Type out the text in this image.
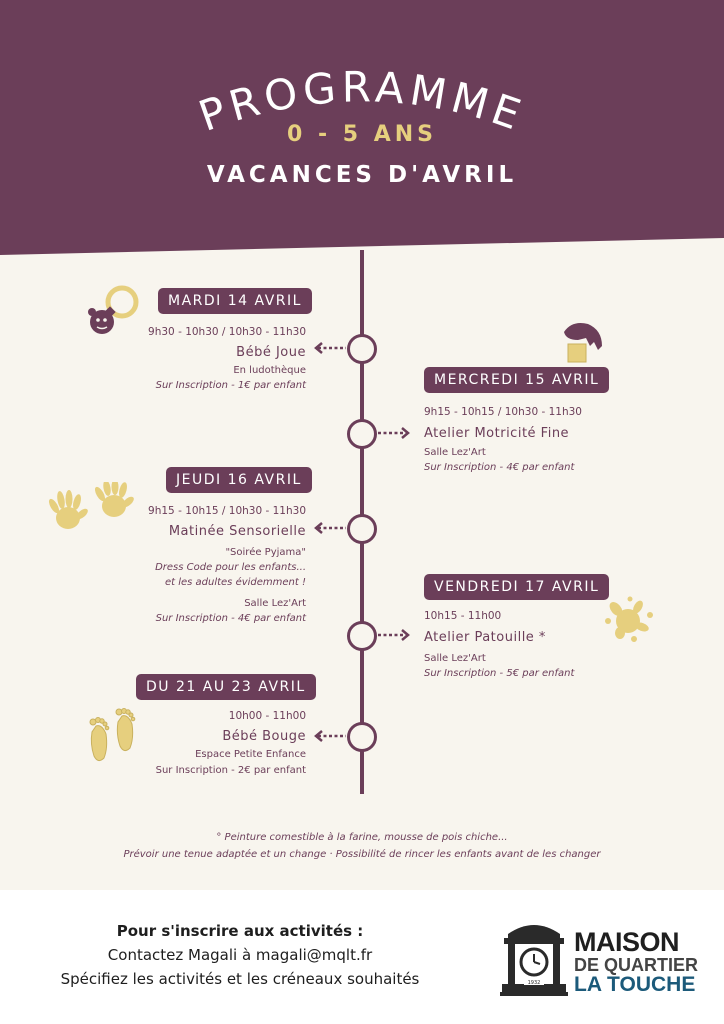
PROGRAMME
0 - 5 ANS
VACANCES D'AVRIL
MARDI 14 AVRIL
9h30 - 10h30 / 10h30 - 11h30
Bébé Joue
En ludothèque
Sur Inscription - 1€ par enfant	MERCREDI 15 AVRIL
9h15 - 10h15 / 10h30 - 11h30
Atelier Motricité Fine
Salle Lez'Art
Sur Inscription - 4€ par enfant
JEUDI 16 AVRIL
9h15 - 10h15 / 10h30 - 11h30
Matinée Sensorielle
"Soirée Pyjama"
Dress Code pour les enfants...
et les adultes évidemment !
Salle Lez'Art
Sur Inscription - 4€ par enfant
VENDREDI 17 AVRIL
10h15 - 11h00
Atelier Patouille *
Salle Lez'Art
Sur Inscription - 5€ par enfant
DU 21 AU 23 AVRIL
10h00 - 11h00
Bébé Bouge
Espace Petite Enfance
Sur Inscription - 2€ par enfant
° Peinture comestible à la farine, mousse de pois chiche...
Prévoir une tenue adaptée et un change · Possibilité de rincer les enfants avant de les changer
Pour s'inscrire aux activités :
Contactez Magali à magali@mqlt.fr
Spécifiez les activités et les créneaux souhaités	1932
MAISON
DE QUARTIER
LA TOUCHE
